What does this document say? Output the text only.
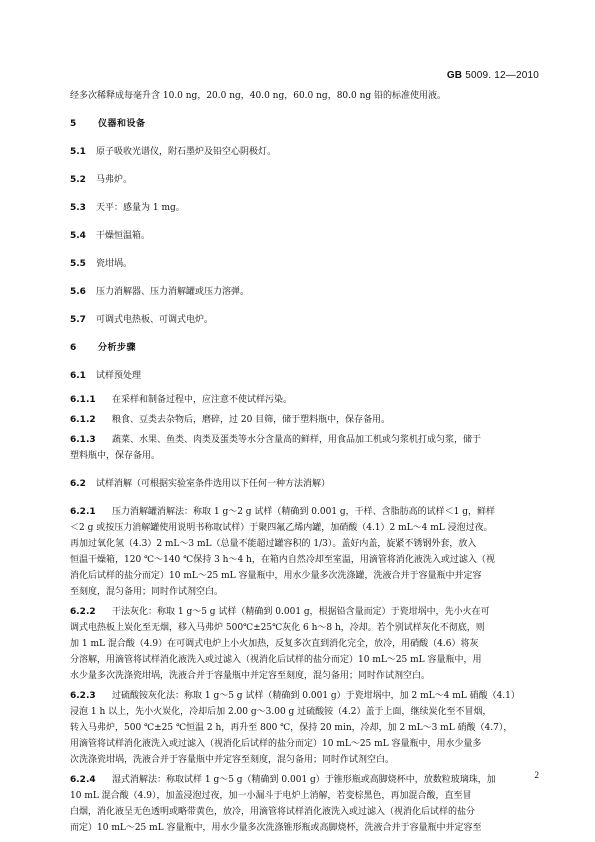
GB 5009. 12—2010
经多次稀释成每毫升含 10.0 ng，20.0 ng，40.0 ng，60.0 ng，80.0 ng 铅的标准使用液。
5 仪器和设备
5.1 原子吸收光谱仪，附石墨炉及铅空心阴极灯。
5.2 马弗炉。
5.3 天平：感量为 1 mg。
5.4 干燥恒温箱。
5.5 瓷坩埚。
5.6 压力消解器、压力消解罐或压力溶弹。
5.7 可调式电热板、可调式电炉。
6 分析步骤
6.1 试样预处理
6.1.1 在采样和制备过程中，应注意不使试样污染。
6.1.2 粮食、豆类去杂物后，磨碎，过 20 目筛，储于塑料瓶中，保存备用。
6.1.3 蔬菜、水果、鱼类、肉类及蛋类等水分含量高的鲜样，用食品加工机或匀浆机打成匀浆，储于
塑料瓶中，保存备用。
6.2 试样消解（可根据实验室条件选用以下任何一种方法消解）
6.2.1 压力消解罐消解法：称取 1 g～2 g 试样（精确到 0.001 g，干样、含脂肪高的试样＜1 g，鲜样
＜2 g 或按压力消解罐使用说明书称取试样）于聚四氟乙烯内罐，加硝酸（4.1）2 mL～4 mL 浸泡过夜。
再加过氧化氢（4.3）2 mL～3 mL（总量不能超过罐容积的 1/3）。盖好内盖，旋紧不锈钢外套，放入
恒温干燥箱，120 ℃～140 ℃保持 3 h～4 h，在箱内自然冷却至室温，用滴管将消化液洗入或过滤入（视
消化后试样的盐分而定）10 mL～25 mL 容量瓶中，用水少量多次洗涤罐，洗液合并于容量瓶中并定容
至刻度，混匀备用；同时作试剂空白。
6.2.2 干法灰化：称取 1 g～5 g 试样（精确到 0.001 g，根据铅含量而定）于瓷坩埚中，先小火在可
调式电热板上炭化至无烟，移入马弗炉 500℃±25℃灰化 6 h～8 h，冷却。若个别试样灰化不彻底，则
加 1 mL 混合酸（4.9）在可调式电炉上小火加热，反复多次直到消化完全，放冷，用硝酸（4.6）将灰
分溶解，用滴管将试样消化液洗入或过滤入（视消化后试样的盐分而定）10 mL～25 mL 容量瓶中，用
水少量多次洗涤瓷坩埚，洗液合并于容量瓶中并定容至刻度，混匀备用；同时作试剂空白。
6.2.3 过硫酸铵灰化法：称取 1 g～5 g 试样（精确到 0.001 g）于瓷坩埚中，加 2 mL～4 mL 硝酸（4.1）
浸泡 1 h 以上，先小火炭化，冷却后加 2.00 g～3.00 g 过硫酸铵（4.2）盖于上面，继续炭化至不冒烟，
转入马弗炉，500 ℃±25 ℃恒温 2 h，再升至 800 ℃，保持 20 min，冷却，加 2 mL～3 mL 硝酸（4.7），
用滴管将试样消化液洗入或过滤入（视消化后试样的盐分而定）10 mL～25 mL 容量瓶中，用水少量多
次洗涤瓷坩埚，洗液合并于容量瓶中并定容至刻度，混匀备用；同时作试剂空白。
6.2.4 湿式消解法：称取试样 1 g～5 g（精确到 0.001 g）于锥形瓶或高脚烧杯中，放数粒玻璃珠，加
10 mL 混合酸（4.9），加盖浸泡过夜，加一小漏斗于电炉上消解，若变棕黑色，再加混合酸，直至冒
白烟，消化液呈无色透明或略带黄色，放冷，用滴管将试样消化液洗入或过滤入（视消化后试样的盐分
而定）10 mL～25 mL 容量瓶中，用水少量多次洗涤锥形瓶或高脚烧杯，洗液合并于容量瓶中并定容至
2
